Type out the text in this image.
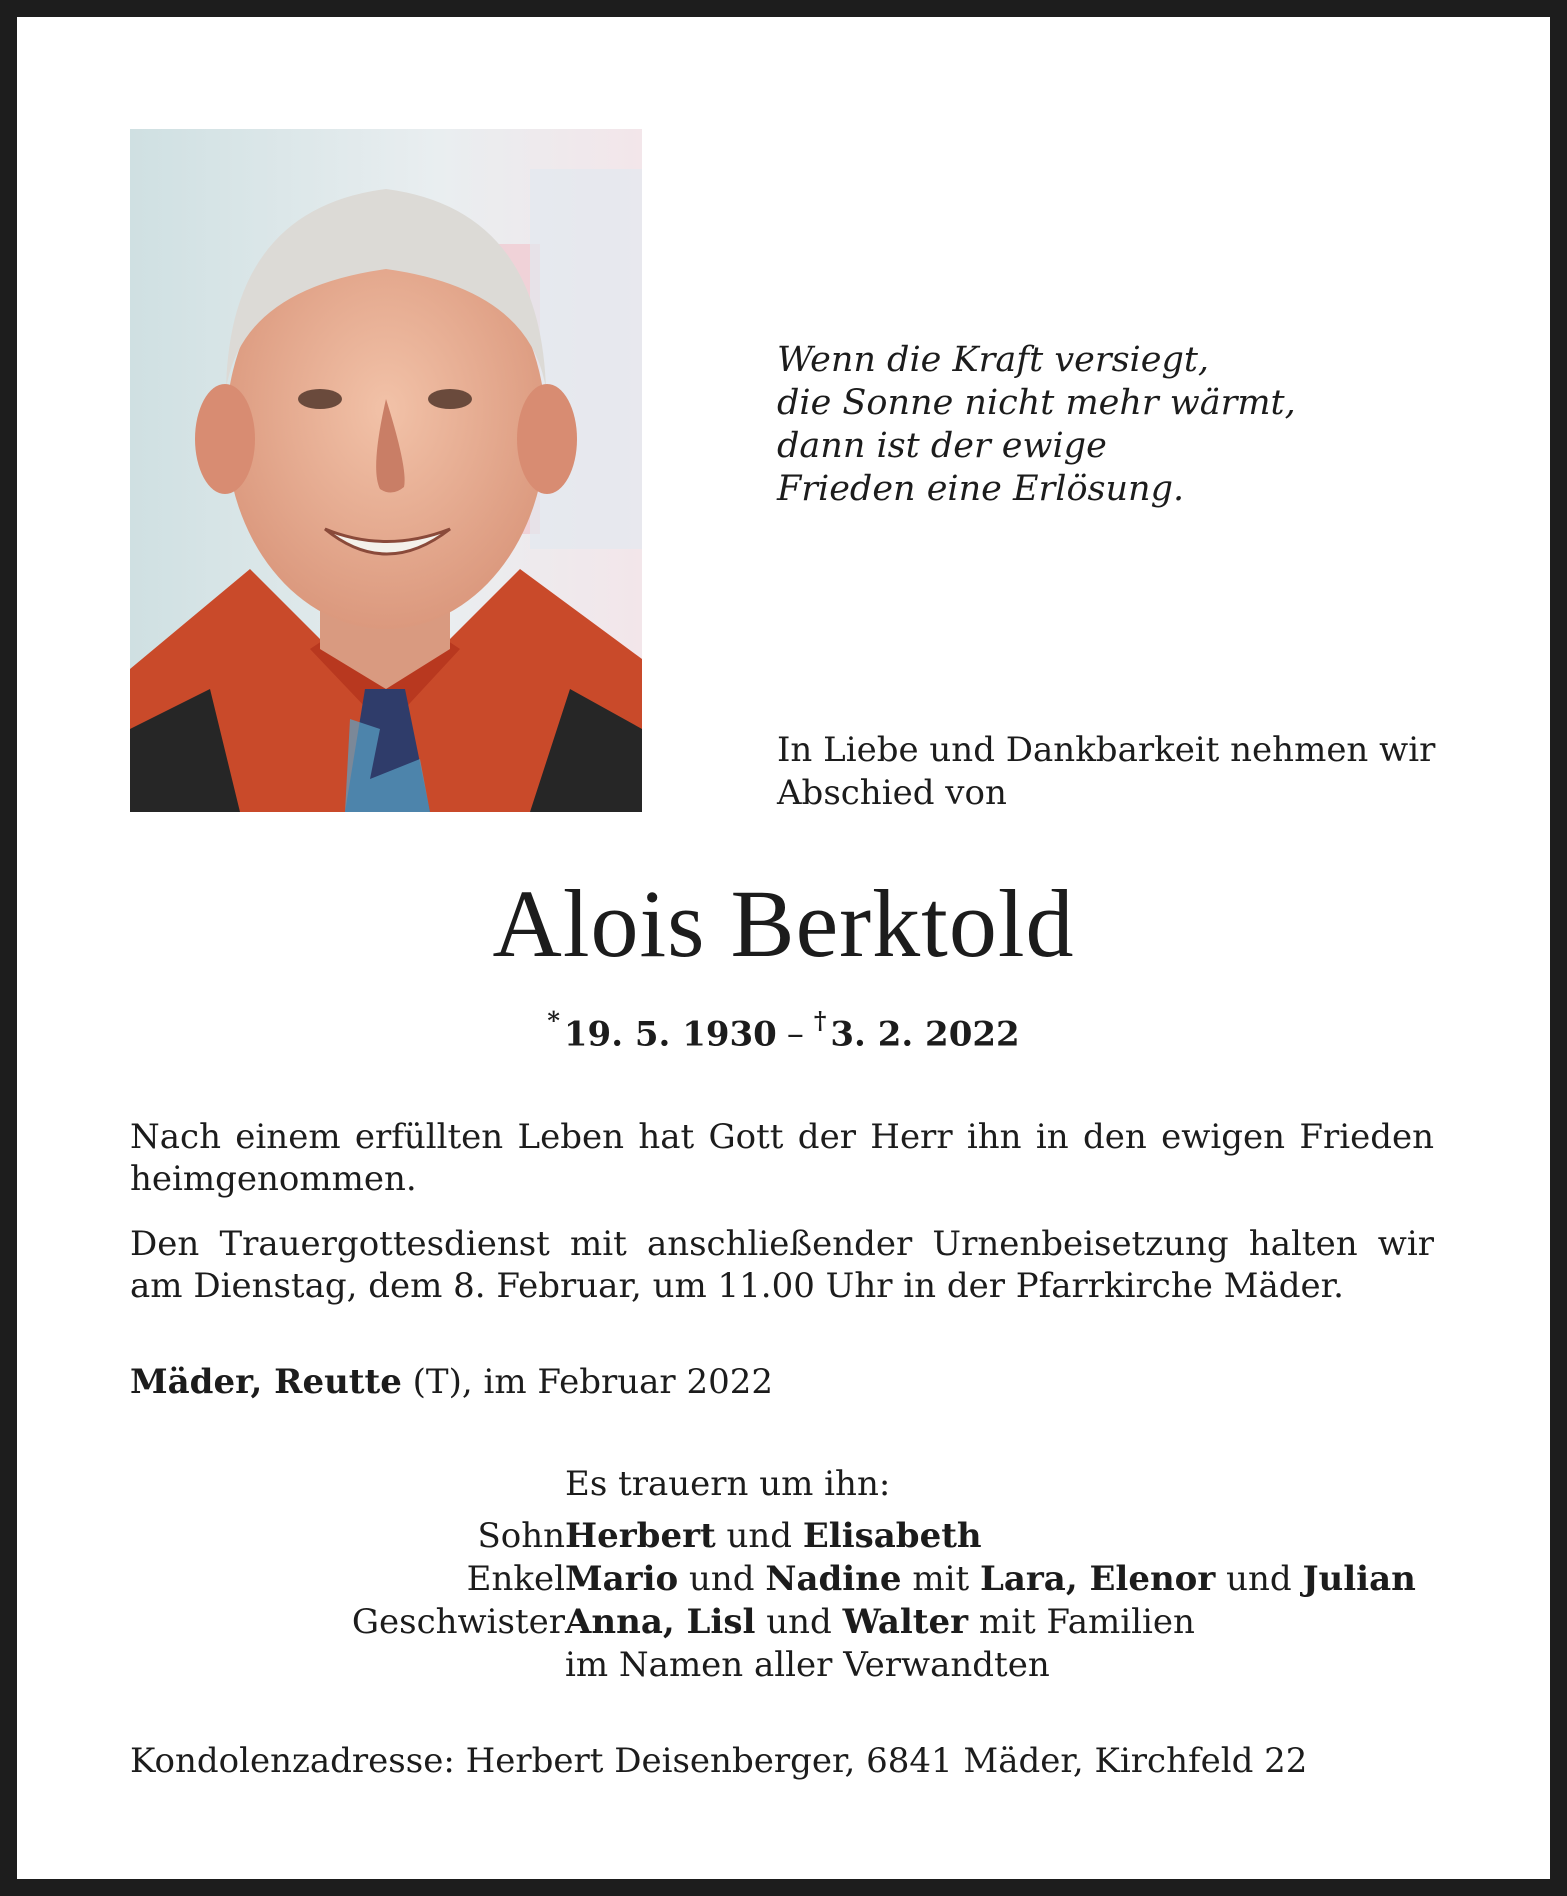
Wenn die Kraft versiegt,
die Sonne nicht mehr wärmt,
dann ist der ewige
Frieden eine Erlösung.
In Liebe und Dankbarkeit nehmen wir
Abschied von
Alois Berktold
* 19. 5. 1930 – † 3. 2. 2022
Nach einem erfüllten Leben hat Gott der Herr ihn in den ewigen Frieden heimgenommen.
Den Trauergottesdienst mit anschließender Urnenbeisetzung halten wir am Dienstag, dem 8. Februar, um 11.00 Uhr in der Pfarrkirche Mäder.
Mäder, Reutte (T), im Februar 2022
Es trauern um ihn:
Sohn Herbert und Elisabeth
Enkel Mario und Nadine mit Lara, Elenor und Julian
Geschwister Anna, Lisl und Walter mit Familien
im Namen aller Verwandten
Kondolenzadresse: Herbert Deisenberger, 6841 Mäder, Kirchfeld 22
